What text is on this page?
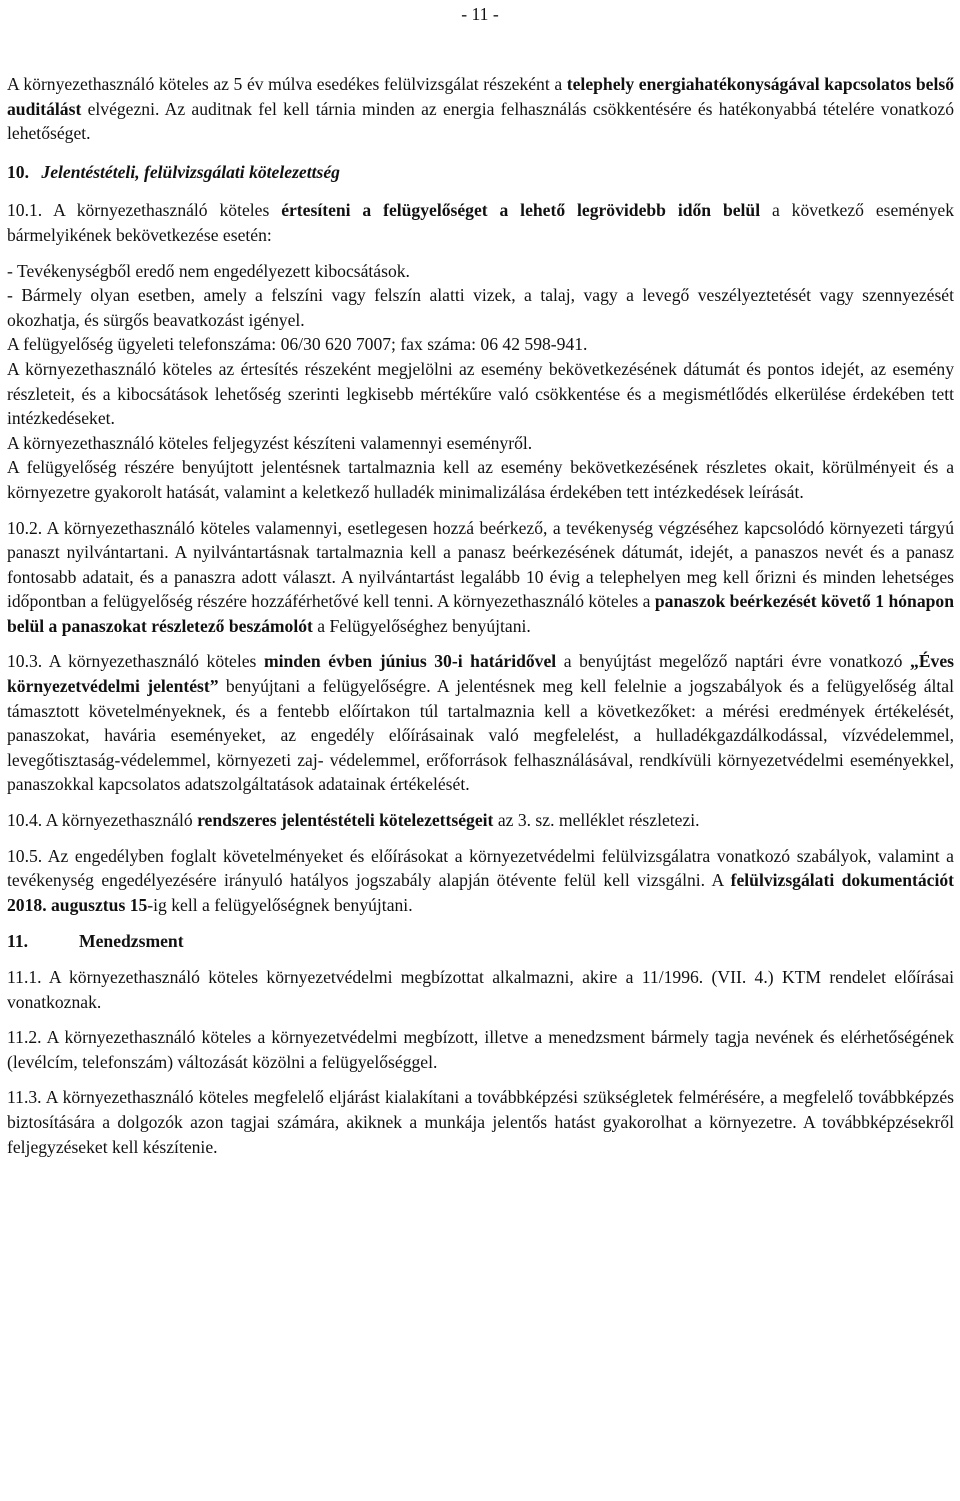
- 11 -

A környezethasználó köteles az 5 év múlva esedékes felülvizsgálat részeként a telephely energiahatékonyságával kapcsolatos belső auditálást elvégezni. Az auditnak fel kell tárnia minden az energia felhasználás csökkentésére és hatékonyabbá tételére vonatkozó lehetőséget.

10. Jelentéstételi, felülvizsgálati kötelezettség

10.1. A környezethasználó köteles értesíteni a felügyelőséget a lehető legrövidebb időn belül a következő események bármelyikének bekövetkezése esetén:

- Tevékenységből eredő nem engedélyezett kibocsátások.

- Bármely olyan esetben, amely a felszíni vagy felszín alatti vizek, a talaj, vagy a levegő veszélyeztetését vagy szennyezését okozhatja, és sürgős beavatkozást igényel.

A felügyelőség ügyeleti telefonszáma: 06/30 620 7007; fax száma: 06 42 598-941.

A környezethasználó köteles az értesítés részeként megjelölni az esemény bekövetkezésének dátumát és pontos idejét, az esemény részleteit, és a kibocsátások lehetőség szerinti legkisebb mértékűre való csökkentése és a megismétlődés elkerülése érdekében tett intézkedéseket.

A környezethasználó köteles feljegyzést készíteni valamennyi eseményről.

A felügyelőség részére benyújtott jelentésnek tartalmaznia kell az esemény bekövetkezésének részletes okait, körülményeit és a környezetre gyakorolt hatását, valamint a keletkező hulladék minimalizálása érdekében tett intézkedések leírását.

10.2. A környezethasználó köteles valamennyi, esetlegesen hozzá beérkező, a tevékenység végzéséhez kapcsolódó környezeti tárgyú panaszt nyilvántartani. A nyilvántartásnak tartalmaznia kell a panasz beérkezésének dátumát, idejét, a panaszos nevét és a panasz fontosabb adatait, és a panaszra adott választ. A nyilvántartást legalább 10 évig a telephelyen meg kell őrizni és minden lehetséges időpontban a felügyelőség részére hozzáférhetővé kell tenni. A környezethasználó köteles a panaszok beérkezését követő 1 hónapon belül a panaszokat részletező beszámolót a Felügyelőséghez benyújtani.

10.3. A környezethasználó köteles minden évben június 30-i határidővel a benyújtást megelőző naptári évre vonatkozó „Éves környezetvédelmi jelentést” benyújtani a felügyelőségre. A jelentésnek meg kell felelnie a jogszabályok és a felügyelőség által támasztott követelményeknek, és a fentebb előírtakon túl tartalmaznia kell a következőket: a mérési eredmények értékelését, panaszokat, havária eseményeket, az engedély előírásainak való megfelelést, a hulladékgazdálkodással, vízvédelemmel, levegőtisztaság-védelemmel, környezeti zaj- védelemmel, erőforrások felhasználásával, rendkívüli környezetvédelmi eseményekkel, panaszokkal kapcsolatos adatszolgáltatások adatainak értékelését.

10.4. A környezethasználó rendszeres jelentéstételi kötelezettségeit az 3. sz. melléklet részletezi.

10.5. Az engedélyben foglalt követelményeket és előírásokat a környezetvédelmi felülvizsgálatra vonatkozó szabályok, valamint a tevékenység engedélyezésére irányuló hatályos jogszabály alapján ötévente felül kell vizsgálni. A felülvizsgálati dokumentációt 2018. augusztus 15-ig kell a felügyelőségnek benyújtani.

11.	Menedzsment

11.1. A környezethasználó köteles környezetvédelmi megbízottat alkalmazni, akire a 11/1996. (VII. 4.) KTM rendelet előírásai vonatkoznak.

11.2. A környezethasználó köteles a környezetvédelmi megbízott, illetve a menedzsment bármely tagja nevének és elérhetőségének (levélcím, telefonszám) változását közölni a felügyelőséggel.

11.3. A környezethasználó köteles megfelelő eljárást kialakítani a továbbképzési szükségletek felmérésére, a megfelelő továbbképzés biztosítására a dolgozók azon tagjai számára, akiknek a munkája jelentős hatást gyakorolhat a környezetre. A továbbképzésekről feljegyzéseket kell készítenie.
